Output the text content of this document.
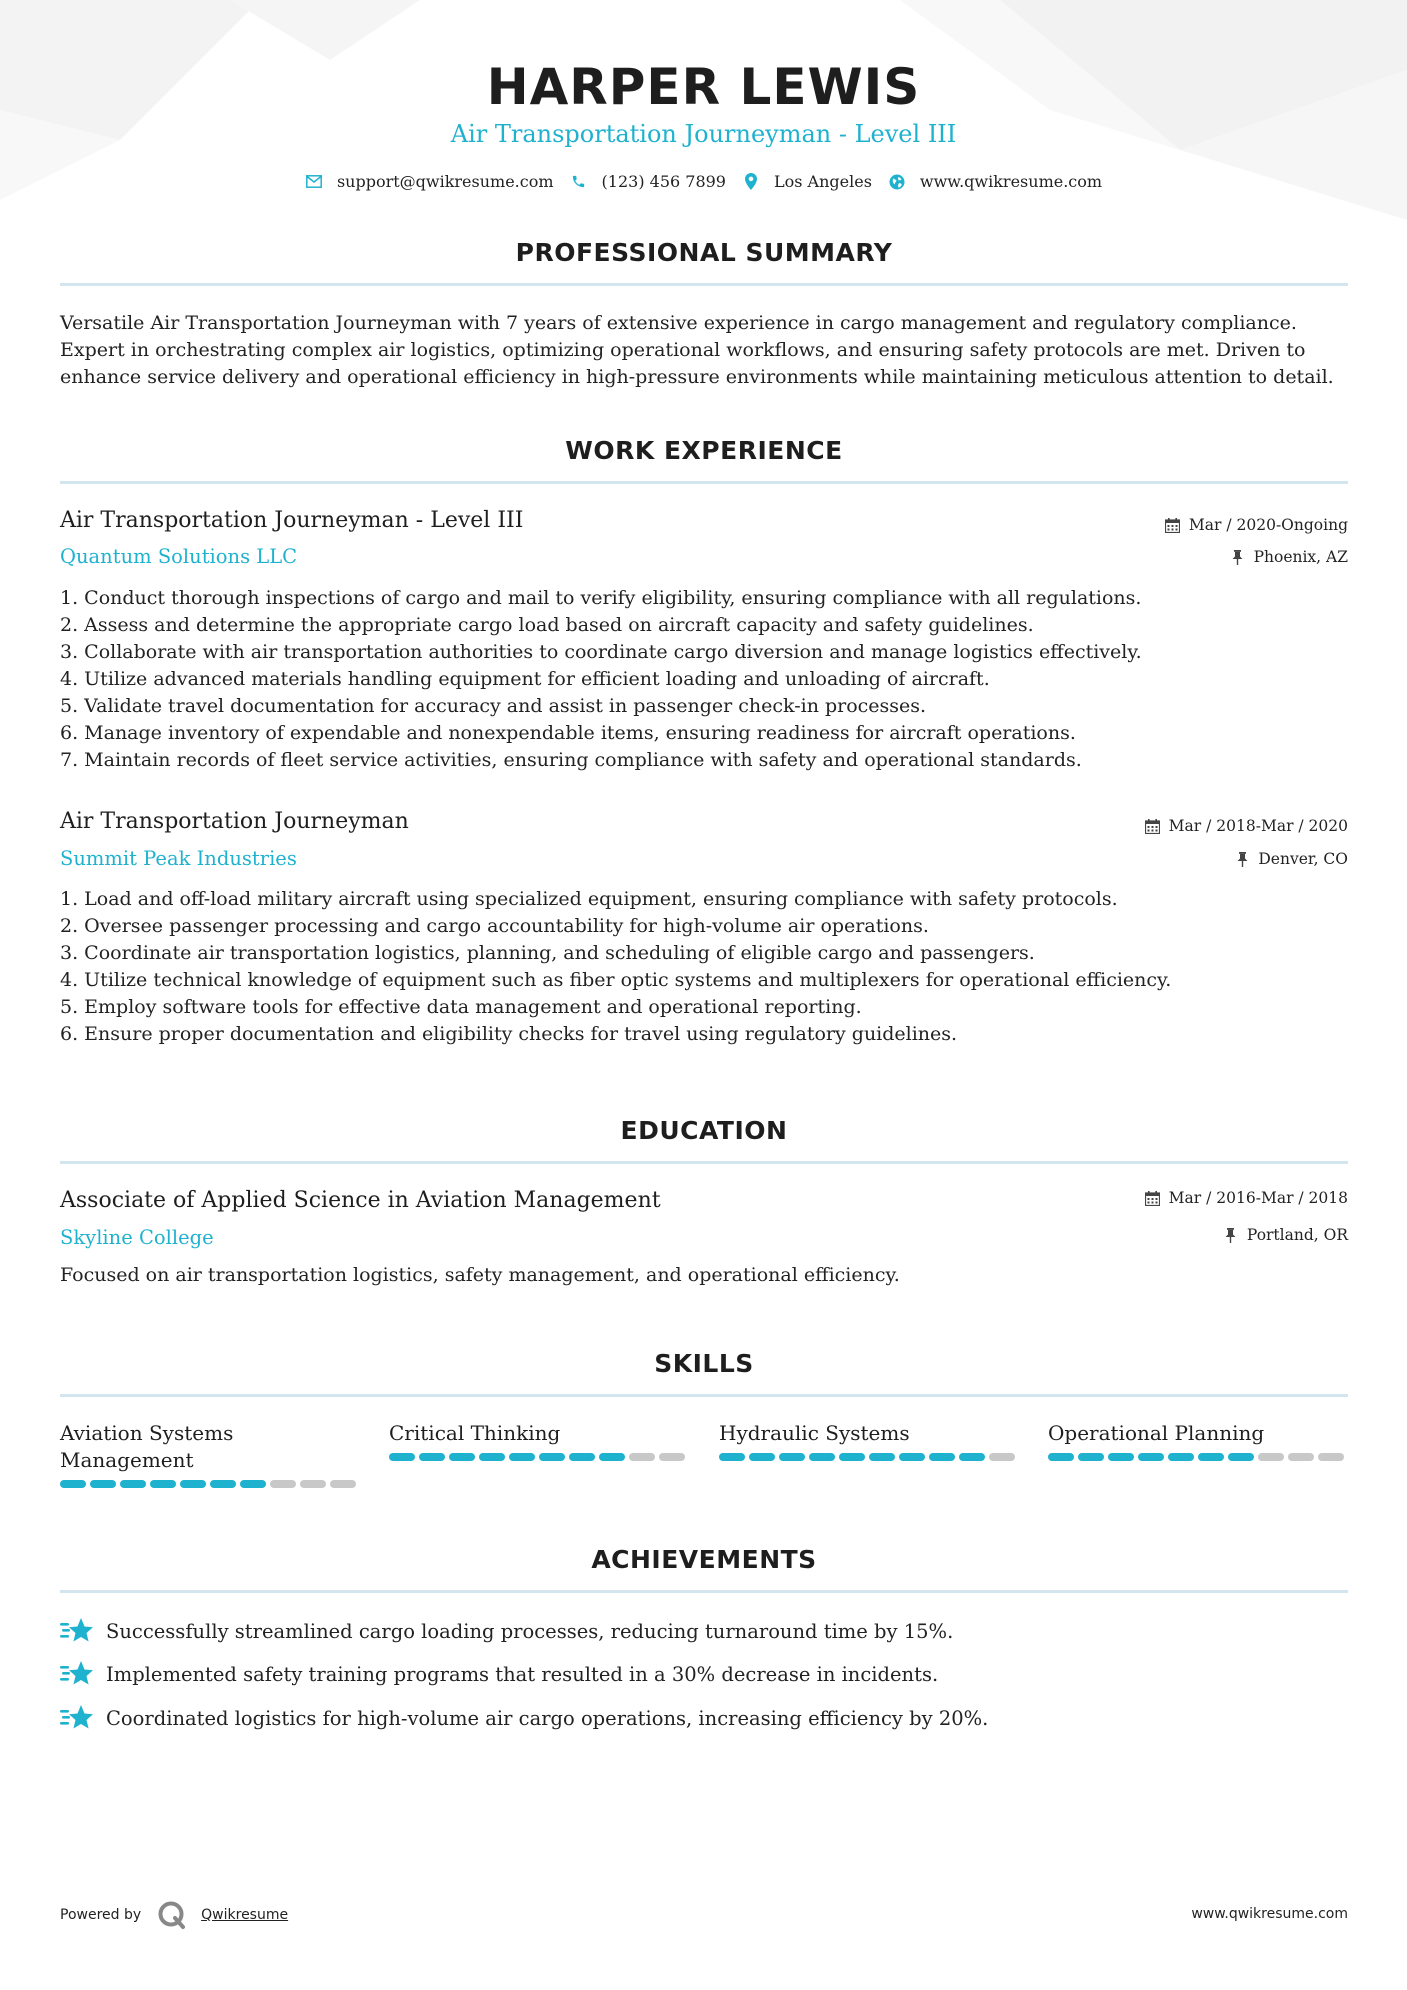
HARPER LEWIS
Air Transportation Journeyman - Level III
support@qwikresume.com	(123) 456 7899	Los Angeles	www.qwikresume.com
PROFESSIONAL SUMMARY
Versatile Air Transportation Journeyman with 7 years of extensive experience in cargo management and regulatory compliance.
Expert in orchestrating complex air logistics, optimizing operational workflows, and ensuring safety protocols are met. Driven to
enhance service delivery and operational efficiency in high-pressure environments while maintaining meticulous attention to detail.
WORK EXPERIENCE
Air Transportation Journeyman - Level III
Quantum Solutions LLC
Mar / 2020-Ongoing
Phoenix, AZ
1. Conduct thorough inspections of cargo and mail to verify eligibility, ensuring compliance with all regulations.
2. Assess and determine the appropriate cargo load based on aircraft capacity and safety guidelines.
3. Collaborate with air transportation authorities to coordinate cargo diversion and manage logistics effectively.
4. Utilize advanced materials handling equipment for efficient loading and unloading of aircraft.
5. Validate travel documentation for accuracy and assist in passenger check-in processes.
6. Manage inventory of expendable and nonexpendable items, ensuring readiness for aircraft operations.
7. Maintain records of fleet service activities, ensuring compliance with safety and operational standards.
Air Transportation Journeyman
Summit Peak Industries
Mar / 2018-Mar / 2020
Denver, CO
1. Load and off-load military aircraft using specialized equipment, ensuring compliance with safety protocols.
2. Oversee passenger processing and cargo accountability for high-volume air operations.
3. Coordinate air transportation logistics, planning, and scheduling of eligible cargo and passengers.
4. Utilize technical knowledge of equipment such as fiber optic systems and multiplexers for operational efficiency.
5. Employ software tools for effective data management and operational reporting.
6. Ensure proper documentation and eligibility checks for travel using regulatory guidelines.
EDUCATION
Associate of Applied Science in Aviation Management
Skyline College
Mar / 2016-Mar / 2018
Portland, OR
Focused on air transportation logistics, safety management, and operational efficiency.
SKILLS
Aviation Systems
Management
Critical Thinking	Hydraulic Systems	Operational Planning
ACHIEVEMENTS
Successfully streamlined cargo loading processes, reducing turnaround time by 15%.
Implemented safety training programs that resulted in a 30% decrease in incidents.
Coordinated logistics for high-volume air cargo operations, increasing efficiency by 20%.
Powered by	Qwikresume	www.qwikresume.com
